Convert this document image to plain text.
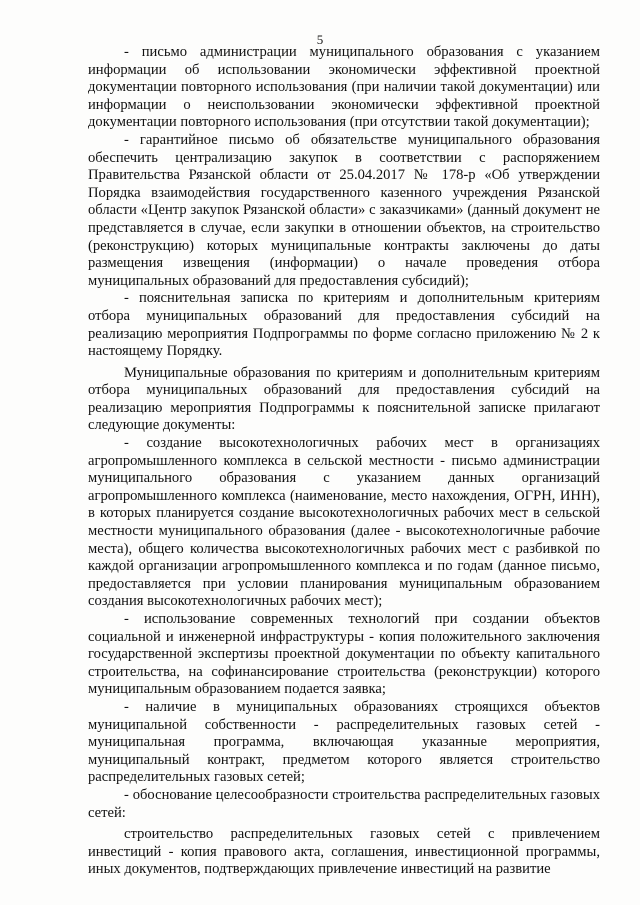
5

- письмо администрации муниципального образования с указанием информации об использовании экономически эффективной проектной документации повторного использования (при наличии такой документации) или информации о неиспользовании экономически эффективной проектной документации повторного использования (при отсутствии такой документации);

- гарантийное письмо об обязательстве муниципального образования обеспечить централизацию закупок в соответствии с распоряжением Правительства Рязанской области от 25.04.2017 № 178-р «Об утверждении Порядка взаимодействия государственного казенного учреждения Рязанской области «Центр закупок Рязанской области» с заказчиками» (данный документ не представляется в случае, если закупки в отношении объектов, на строительство (реконструкцию) которых муниципальные контракты заключены до даты размещения извещения (информации) о начале проведения отбора муниципальных образований для предоставления субсидий);

- пояснительная записка по критериям и дополнительным критериям отбора муниципальных образований для предоставления субсидий на реализацию мероприятия Подпрограммы по форме согласно приложению № 2 к настоящему Порядку.

Муниципальные образования по критериям и дополнительным критериям отбора муниципальных образований для предоставления субсидий на реализацию мероприятия Подпрограммы к пояснительной записке прилагают следующие документы:

- создание высокотехнологичных рабочих мест в организациях агропромышленного комплекса в сельской местности - письмо администрации муниципального образования с указанием данных организаций агропромышленного комплекса (наименование, место нахождения, ОГРН, ИНН), в которых планируется создание высокотехнологичных рабочих мест в сельской местности муниципального образования (далее - высокотехнологичные рабочие места), общего количества высокотехнологичных рабочих мест с разбивкой по каждой организации агропромышленного комплекса и по годам (данное письмо, предоставляется при условии планирования муниципальным образованием создания высокотехнологичных рабочих мест);

- использование современных технологий при создании объектов социальной и инженерной инфраструктуры - копия положительного заключения государственной экспертизы проектной документации по объекту капитального строительства, на софинансирование строительства (реконструкции) которого муниципальным образованием подается заявка;

- наличие в муниципальных образованиях строящихся объектов муниципальной собственности - распределительных газовых сетей - муниципальная программа, включающая указанные мероприятия, муниципальный контракт, предметом которого является строительство распределительных газовых сетей;

- обоснование целесообразности строительства распределительных газовых сетей:

строительство распределительных газовых сетей с привлечением инвестиций - копия правового акта, соглашения, инвестиционной программы, иных документов, подтверждающих привлечение инвестиций на развитие
